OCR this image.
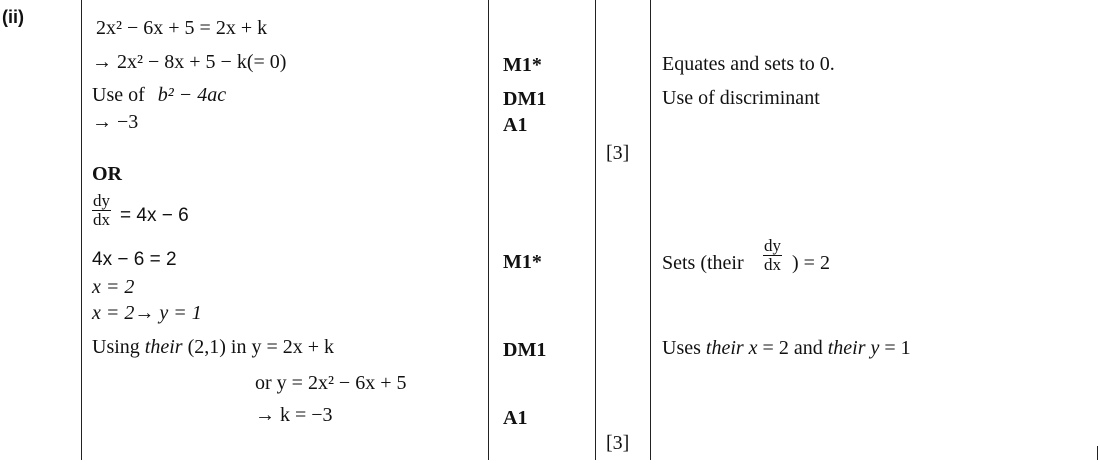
(ii)	2x² − 6x + 5 = 2x + k
→ 2x² − 8x + 5 − k(= 0)
Use of b² − 4ac
→ −3
OR
$\frac{dy}{dx} = 4x - 6$
4x − 6 = 2
x = 2
x = 2→ y = 1
Using their (2,1) in y = 2x + k
or y = 2x² − 6x + 5
→ k = −3
M1*
DM1
A1
M1*
DM1
A1
[3]
[3]
Equates and sets to 0.
Use of discriminant
Sets (their $\frac{dy}{dx}$ ) = 2
Uses their x = 2 and their y = 1
